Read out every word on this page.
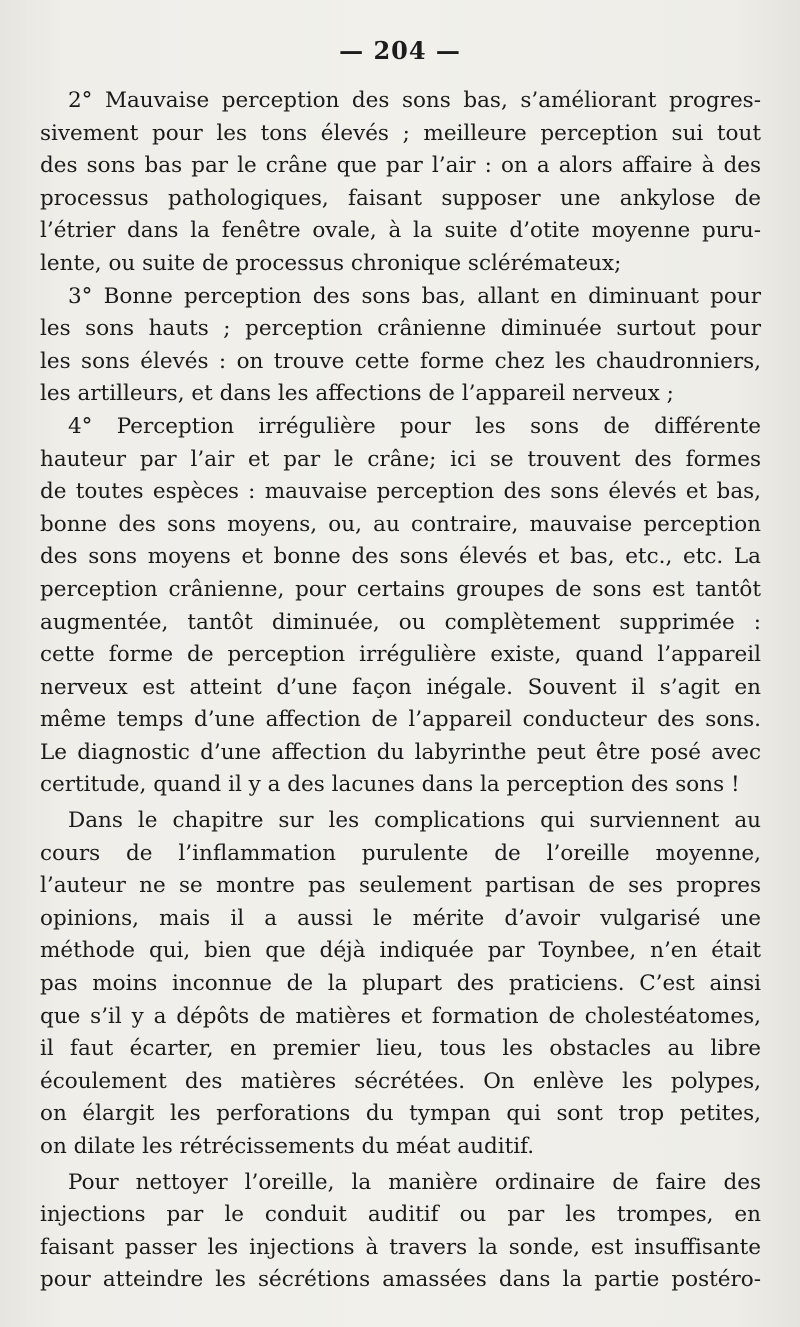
— 204 —
2° Mauvaise perception des sons bas, s’améliorant progres-
sivement pour les tons élevés ; meilleure perception sui tout
des sons bas par le crâne que par l’air : on a alors affaire à des
processus pathologiques, faisant supposer une ankylose de
l’étrier dans la fenêtre ovale, à la suite d’otite moyenne puru-
lente, ou suite de processus chronique sclérémateux;
3° Bonne perception des sons bas, allant en diminuant pour
les sons hauts ; perception crânienne diminuée surtout pour
les sons élevés : on trouve cette forme chez les chaudronniers,
les artilleurs, et dans les affections de l’appareil nerveux ;
4° Perception irrégulière pour les sons de différente
hauteur par l’air et par le crâne; ici se trouvent des formes
de toutes espèces : mauvaise perception des sons élevés et bas,
bonne des sons moyens, ou, au contraire, mauvaise perception
des sons moyens et bonne des sons élevés et bas, etc., etc. La
perception crânienne, pour certains groupes de sons est tantôt
augmentée, tantôt diminuée, ou complètement supprimée :
cette forme de perception irrégulière existe, quand l’appareil
nerveux est atteint d’une façon inégale. Souvent il s’agit en
même temps d’une affection de l’appareil conducteur des sons.
Le diagnostic d’une affection du labyrinthe peut être posé avec
certitude, quand il y a des lacunes dans la perception des sons !
Dans le chapitre sur les complications qui surviennent au
cours de l’inflammation purulente de l’oreille moyenne,
l’auteur ne se montre pas seulement partisan de ses propres
opinions, mais il a aussi le mérite d’avoir vulgarisé une
méthode qui, bien que déjà indiquée par Toynbee, n’en était
pas moins inconnue de la plupart des praticiens. C’est ainsi
que s’il y a dépôts de matières et formation de cholestéatomes,
il faut écarter, en premier lieu, tous les obstacles au libre
écoulement des matières sécrétées. On enlève les polypes,
on élargit les perforations du tympan qui sont trop petites,
on dilate les rétrécissements du méat auditif.
Pour nettoyer l’oreille, la manière ordinaire de faire des
injections par le conduit auditif ou par les trompes, en
faisant passer les injections à travers la sonde, est insuffisante
pour atteindre les sécrétions amassées dans la partie postéro-
